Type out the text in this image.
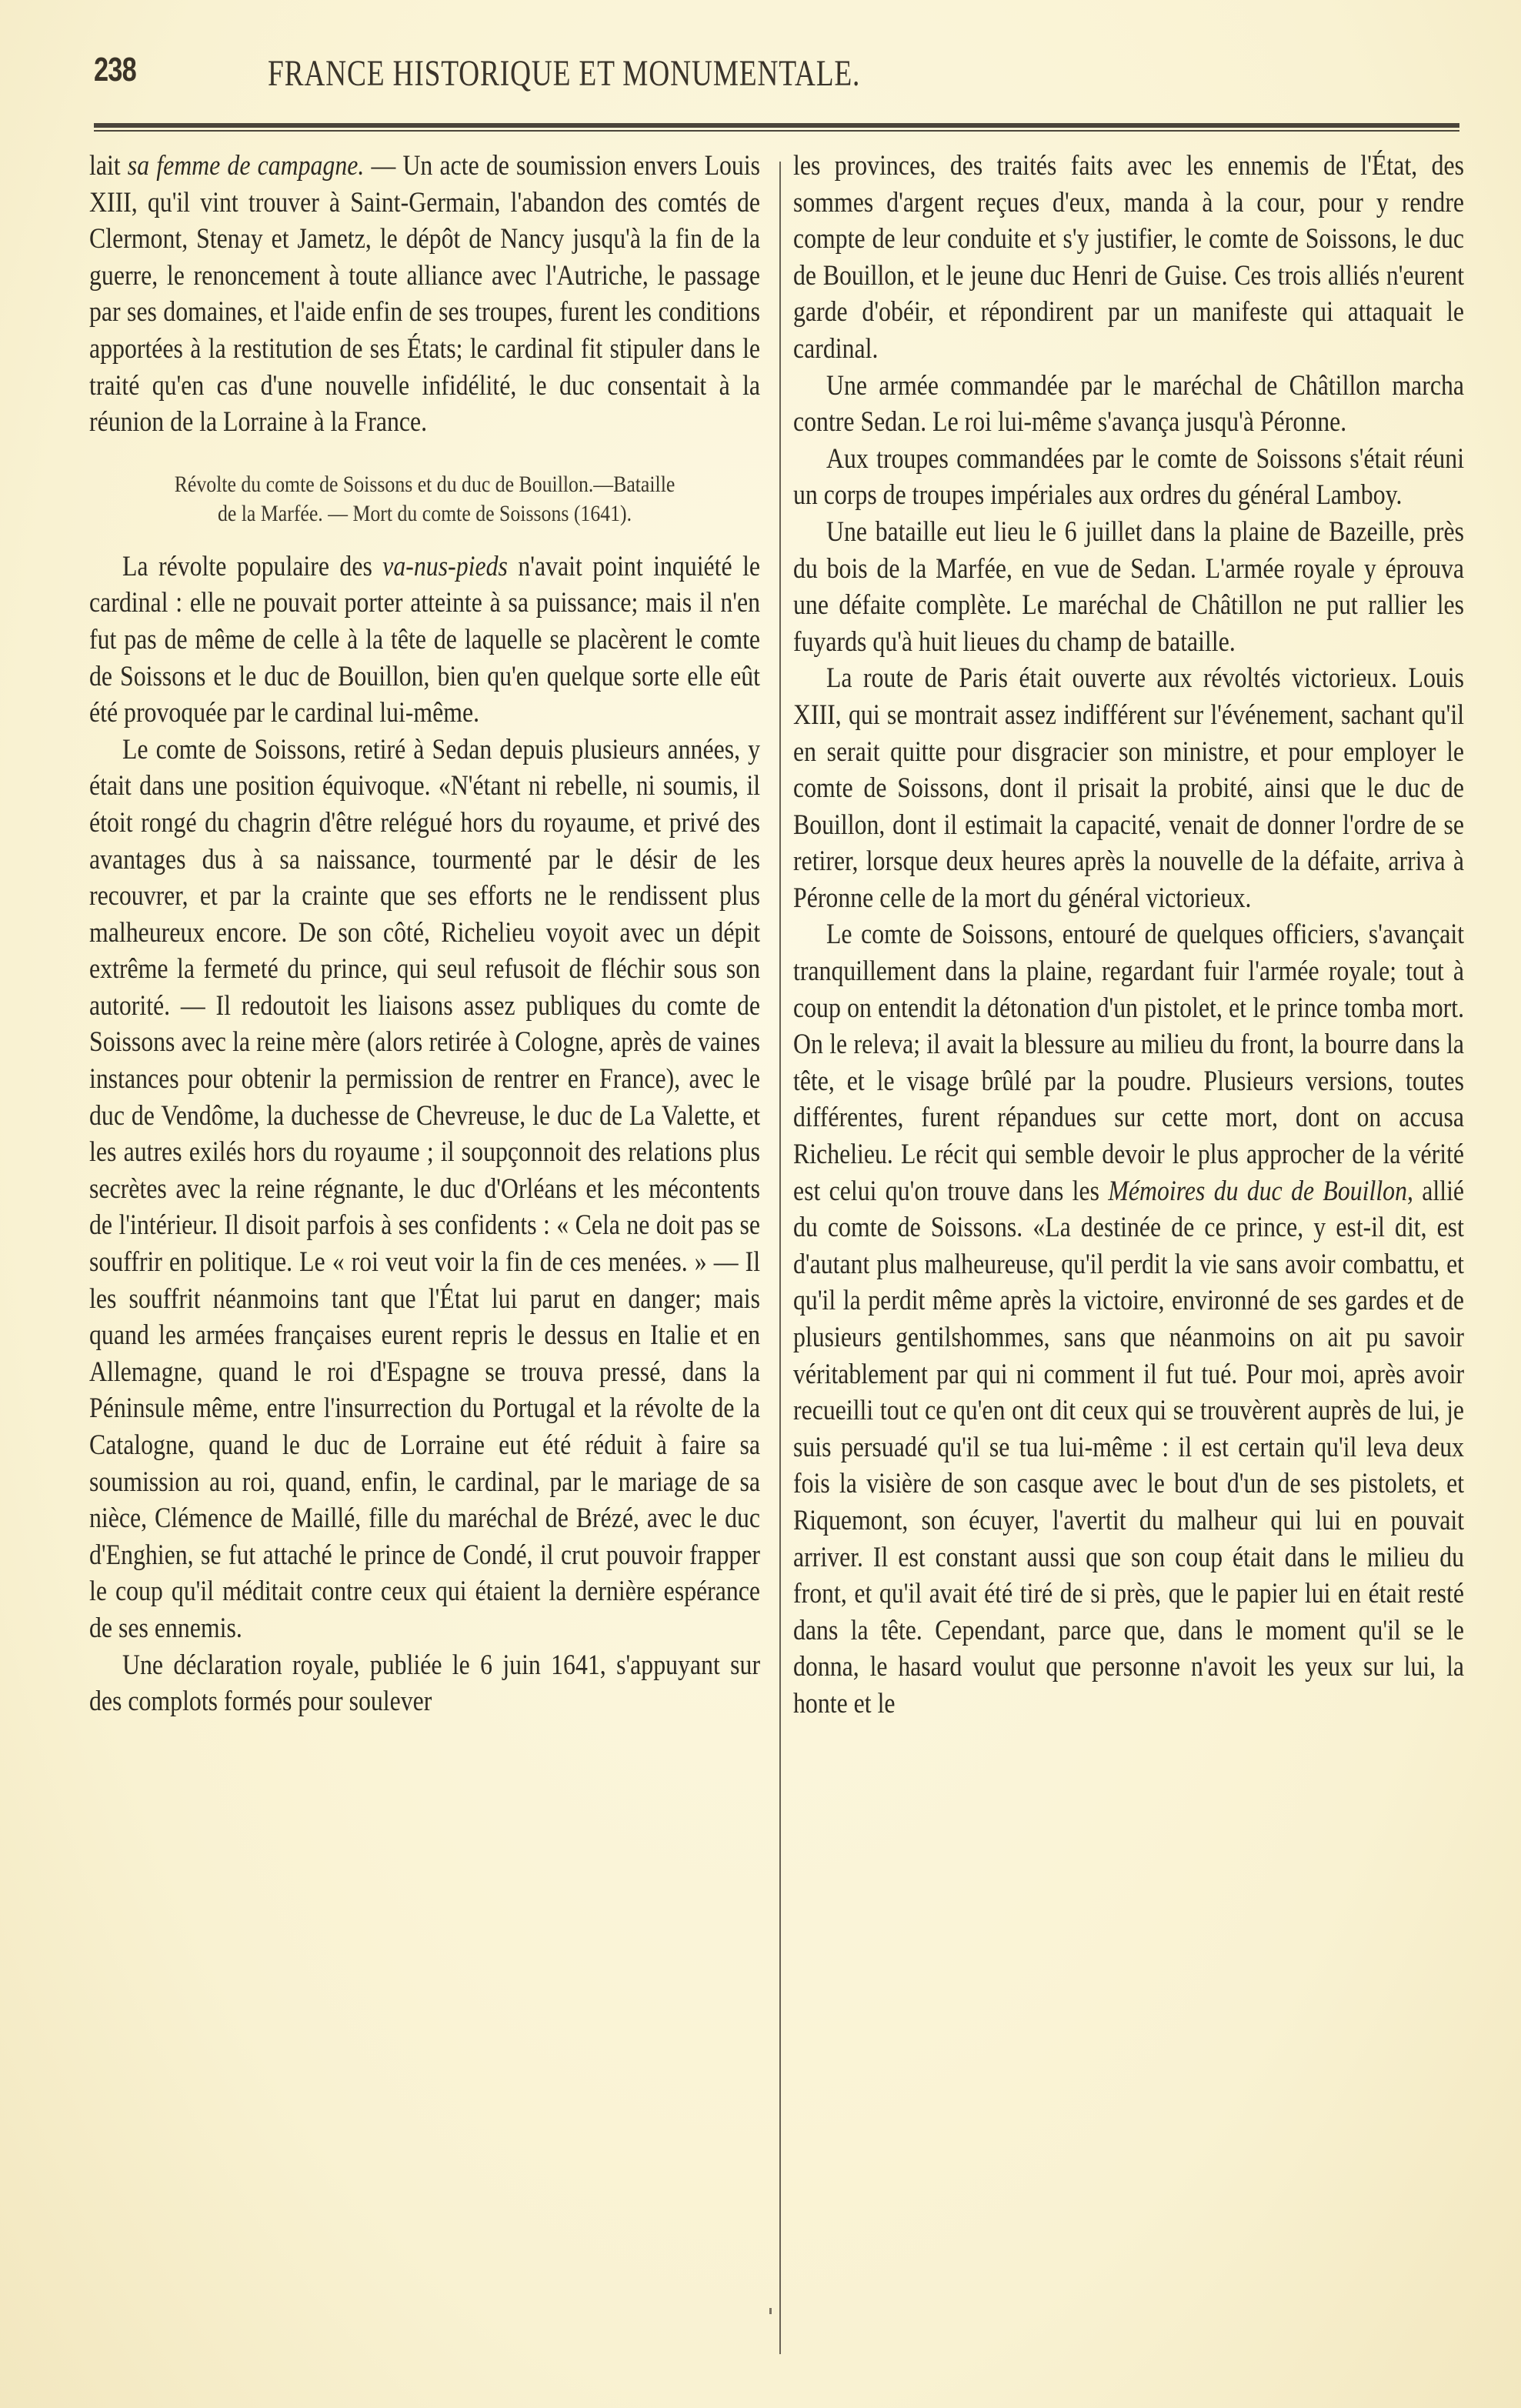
238	FRANCE HISTORIQUE ET MONUMENTALE.

lait sa femme de campagne. — Un acte de soumission envers Louis XIII, qu'il vint trouver à Saint-Germain, l'abandon des comtés de Clermont, Stenay et Jametz, le dépôt de Nancy jusqu'à la fin de la guerre, le renoncement à toute alliance avec l'Autriche, le passage par ses domaines, et l'aide enfin de ses troupes, furent les conditions apportées à la restitution de ses États; le cardinal fit stipuler dans le traité qu'en cas d'une nouvelle infidélité, le duc consentait à la réunion de la Lorraine à la France.

Révolte du comte de Soissons et du duc de Bouillon.—Bataille
de la Marfée. — Mort du comte de Soissons (1641).

La révolte populaire des va-nus-pieds n'avait point inquiété le cardinal : elle ne pouvait porter atteinte à sa puissance; mais il n'en fut pas de même de celle à la tête de laquelle se placèrent le comte de Soissons et le duc de Bouillon, bien qu'en quelque sorte elle eût été provoquée par le cardinal lui-même.

Le comte de Soissons, retiré à Sedan depuis plusieurs années, y était dans une position équivoque. «N'étant ni rebelle, ni soumis, il étoit rongé du chagrin d'être relégué hors du royaume, et privé des avantages dus à sa naissance, tourmenté par le désir de les recouvrer, et par la crainte que ses efforts ne le rendissent plus malheureux encore. De son côté, Richelieu voyoit avec un dépit extrême la fermeté du prince, qui seul refusoit de fléchir sous son autorité. — Il redoutoit les liaisons assez publiques du comte de Soissons avec la reine mère (alors retirée à Cologne, après de vaines instances pour obtenir la permission de rentrer en France), avec le duc de Vendôme, la duchesse de Chevreuse, le duc de La Valette, et les autres exilés hors du royaume ; il soupçonnoit des relations plus secrètes avec la reine régnante, le duc d'Orléans et les mécontents de l'intérieur. Il disoit parfois à ses confidents : « Cela ne doit pas se souffrir en politique. Le « roi veut voir la fin de ces menées. » — Il les souffrit néanmoins tant que l'État lui parut en danger; mais quand les armées françaises eurent repris le dessus en Italie et en Allemagne, quand le roi d'Espagne se trouva pressé, dans la Péninsule même, entre l'insurrection du Portugal et la révolte de la Catalogne, quand le duc de Lorraine eut été réduit à faire sa soumission au roi, quand, enfin, le cardinal, par le mariage de sa nièce, Clémence de Maillé, fille du maréchal de Brézé, avec le duc d'Enghien, se fut attaché le prince de Condé, il crut pouvoir frapper le coup qu'il méditait contre ceux qui étaient la dernière espérance de ses ennemis.

Une déclaration royale, publiée le 6 juin 1641, s'appuyant sur des complots formés pour soulever

les provinces, des traités faits avec les ennemis de l'État, des sommes d'argent reçues d'eux, manda à la cour, pour y rendre compte de leur conduite et s'y justifier, le comte de Soissons, le duc de Bouillon, et le jeune duc Henri de Guise. Ces trois alliés n'eurent garde d'obéir, et répondirent par un manifeste qui attaquait le cardinal.

Une armée commandée par le maréchal de Châtillon marcha contre Sedan. Le roi lui-même s'avança jusqu'à Péronne.

Aux troupes commandées par le comte de Soissons s'était réuni un corps de troupes impériales aux ordres du général Lamboy.

Une bataille eut lieu le 6 juillet dans la plaine de Bazeille, près du bois de la Marfée, en vue de Sedan. L'armée royale y éprouva une défaite complète. Le maréchal de Châtillon ne put rallier les fuyards qu'à huit lieues du champ de bataille.

La route de Paris était ouverte aux révoltés victorieux. Louis XIII, qui se montrait assez indifférent sur l'événement, sachant qu'il en serait quitte pour disgracier son ministre, et pour employer le comte de Soissons, dont il prisait la probité, ainsi que le duc de Bouillon, dont il estimait la capacité, venait de donner l'ordre de se retirer, lorsque deux heures après la nouvelle de la défaite, arriva à Péronne celle de la mort du général victorieux.

Le comte de Soissons, entouré de quelques officiers, s'avançait tranquillement dans la plaine, regardant fuir l'armée royale; tout à coup on entendit la détonation d'un pistolet, et le prince tomba mort. On le releva; il avait la blessure au milieu du front, la bourre dans la tête, et le visage brûlé par la poudre. Plusieurs versions, toutes différentes, furent répandues sur cette mort, dont on accusa Richelieu. Le récit qui semble devoir le plus approcher de la vérité est celui qu'on trouve dans les Mémoires du duc de Bouillon, allié du comte de Soissons. «La destinée de ce prince, y est-il dit, est d'autant plus malheureuse, qu'il perdit la vie sans avoir combattu, et qu'il la perdit même après la victoire, environné de ses gardes et de plusieurs gentilshommes, sans que néanmoins on ait pu savoir véritablement par qui ni comment il fut tué. Pour moi, après avoir recueilli tout ce qu'en ont dit ceux qui se trouvèrent auprès de lui, je suis persuadé qu'il se tua lui-même : il est certain qu'il leva deux fois la visière de son casque avec le bout d'un de ses pistolets, et Riquemont, son écuyer, l'avertit du malheur qui lui en pouvait arriver. Il est constant aussi que son coup était dans le milieu du front, et qu'il avait été tiré de si près, que le papier lui en était resté dans la tête. Cependant, parce que, dans le moment qu'il se le donna, le hasard voulut que personne n'avoit les yeux sur lui, la honte et le
